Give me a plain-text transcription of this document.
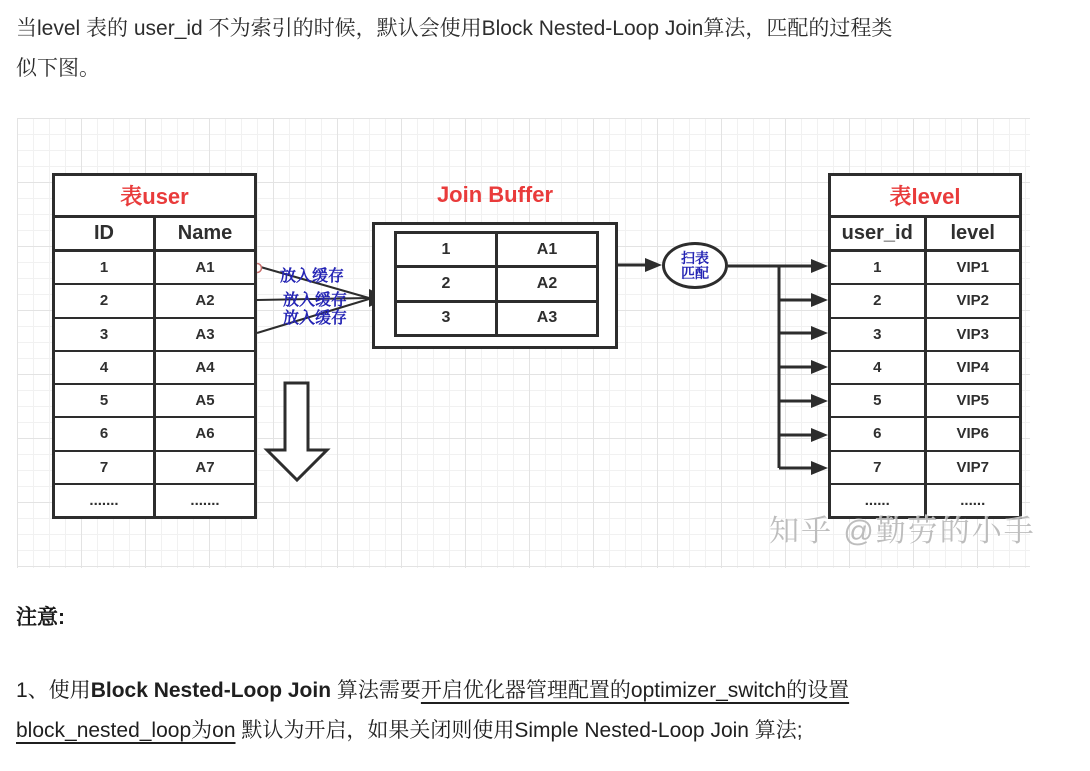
当level 表的 user_id 不为索引的时候，默认会使用Block Nested-Loop Join算法，匹配的过程类
似下图。

表user
ID	Name
1	A1
2	A2
3	A3
4	A4
5	A5
6	A6
7	A7
.......	.......

Join Buffer

1	A1
2	A2
3	A3
放入缓存
放入缓存
放入缓存
扫表
匹配
表level
user_id	level
1	VIP1
2	VIP2
3	VIP3
4	VIP4
5	VIP5
6	VIP6
7	VIP7
......	......
知乎 @勤劳的小手

注意:

1、使用Block Nested-Loop Join 算法需要开启优化器管理配置的optimizer_switch的设置
block_nested_loop为on 默认为开启，如果关闭则使用Simple Nested-Loop Join 算法;
